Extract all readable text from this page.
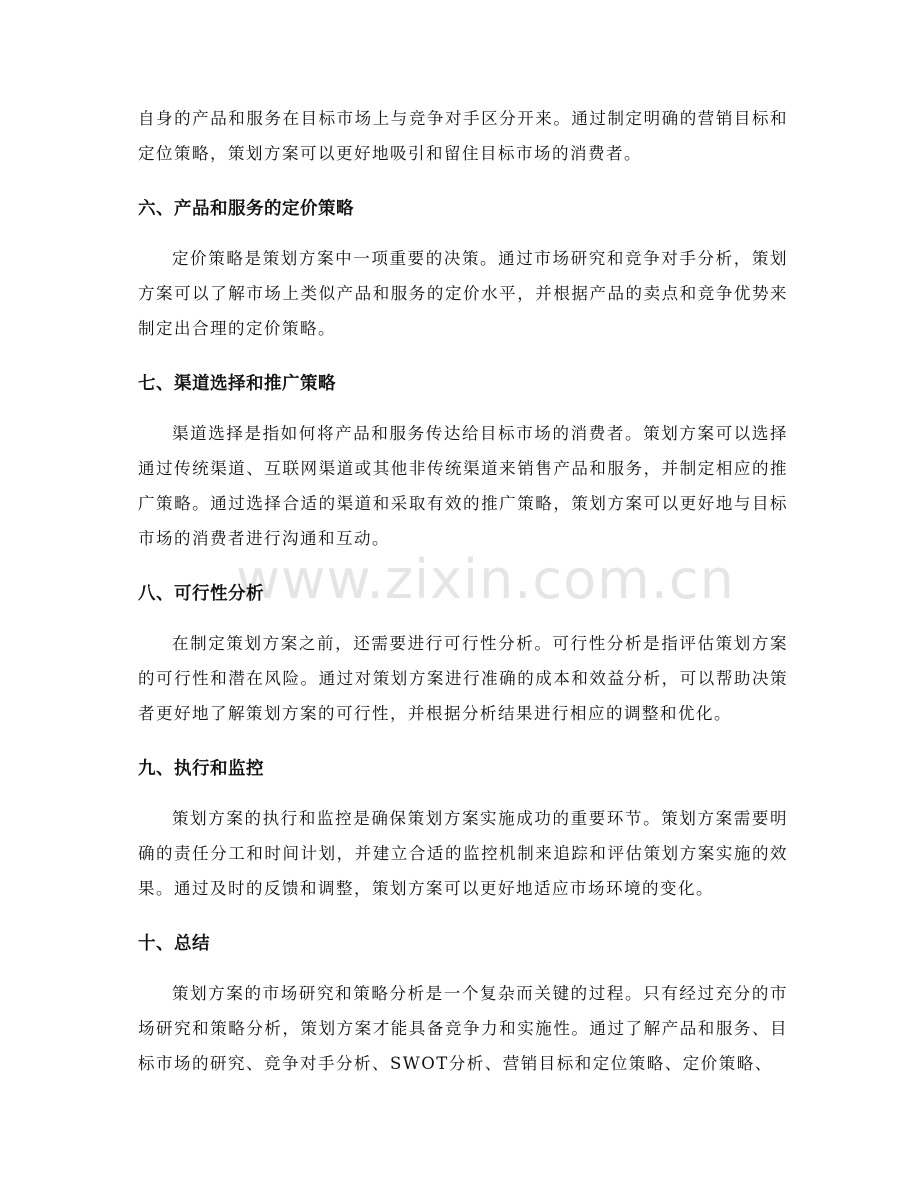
自身的产品和服务在目标市场上与竞争对手区分开来。通过制定明确的营销目标和定位策略，策划方案可以更好地吸引和留住目标市场的消费者。

六、产品和服务的定价策略

定价策略是策划方案中一项重要的决策。通过市场研究和竞争对手分析，策划方案可以了解市场上类似产品和服务的定价水平，并根据产品的卖点和竞争优势来制定出合理的定价策略。

七、渠道选择和推广策略

渠道选择是指如何将产品和服务传达给目标市场的消费者。策划方案可以选择通过传统渠道、互联网渠道或其他非传统渠道来销售产品和服务，并制定相应的推广策略。通过选择合适的渠道和采取有效的推广策略，策划方案可以更好地与目标市场的消费者进行沟通和互动。

八、可行性分析

在制定策划方案之前，还需要进行可行性分析。可行性分析是指评估策划方案的可行性和潜在风险。通过对策划方案进行准确的成本和效益分析，可以帮助决策者更好地了解策划方案的可行性，并根据分析结果进行相应的调整和优化。

九、执行和监控

策划方案的执行和监控是确保策划方案实施成功的重要环节。策划方案需要明确的责任分工和时间计划，并建立合适的监控机制来追踪和评估策划方案实施的效果。通过及时的反馈和调整，策划方案可以更好地适应市场环境的变化。

十、总结

策划方案的市场研究和策略分析是一个复杂而关键的过程。只有经过充分的市场研究和策略分析，策划方案才能具备竞争力和实施性。通过了解产品和服务、目标市场的研究、竞争对手分析、SWOT分析、营销目标和定位策略、定价策略、

www.zixin.com.cn
